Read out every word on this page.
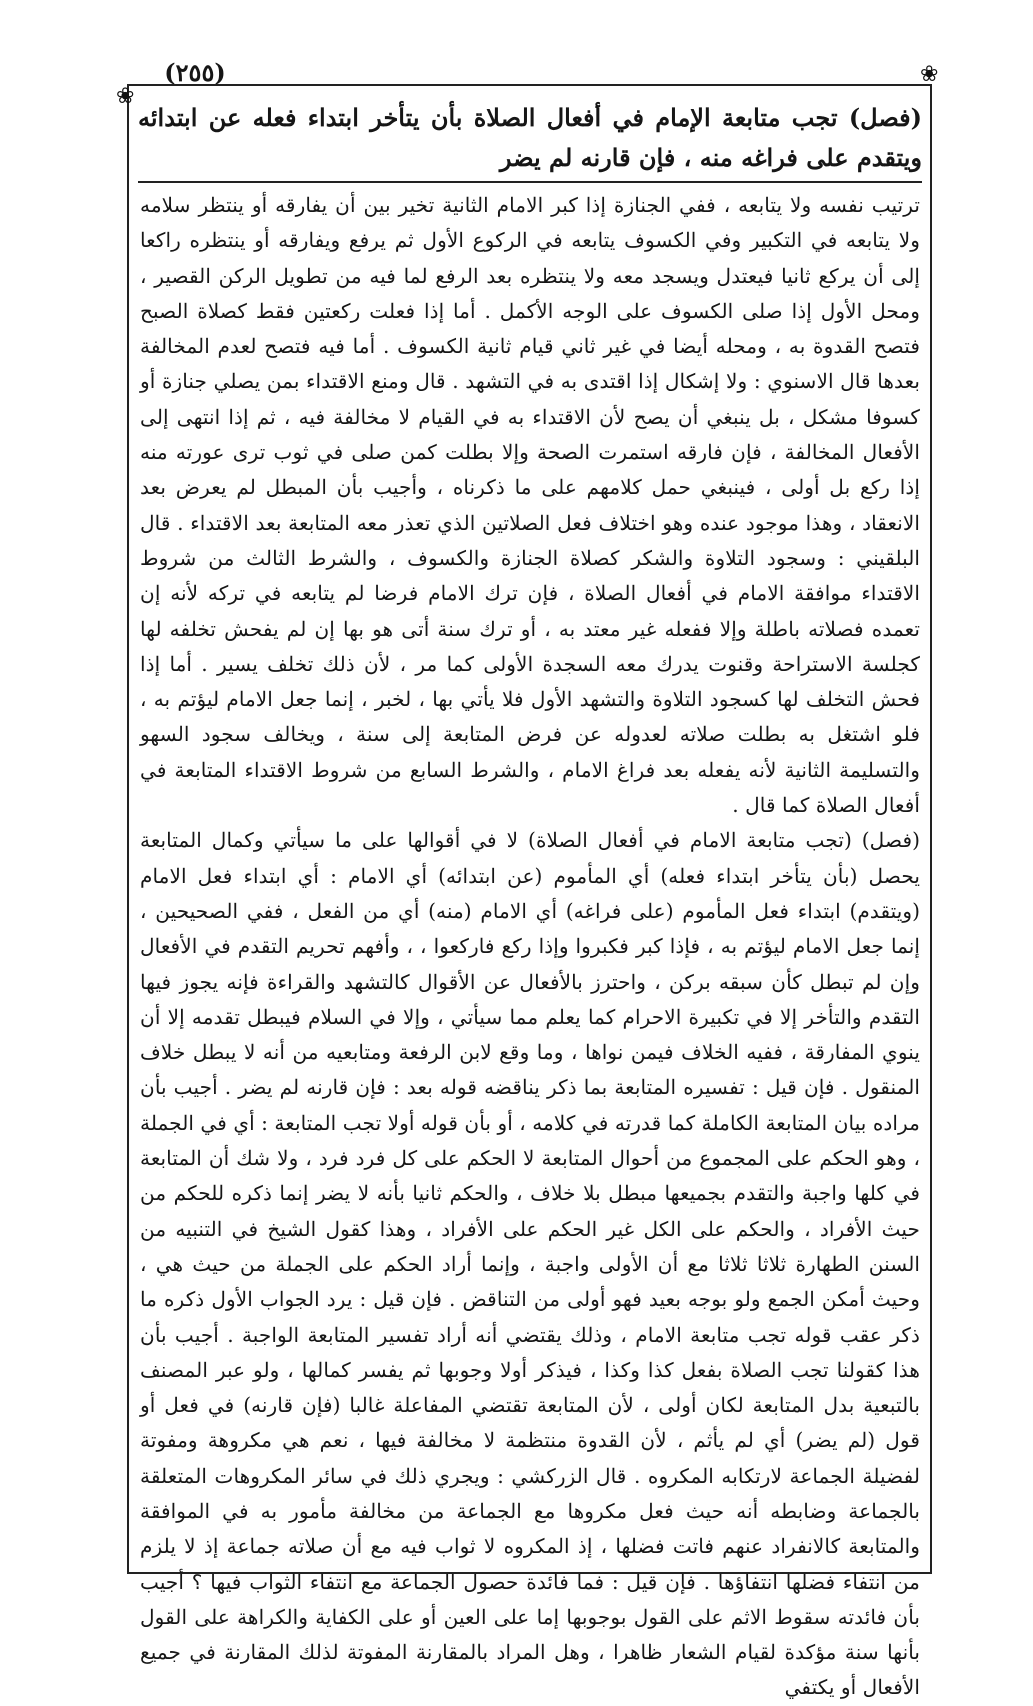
(٢٥٥)
❀
❀
(فصل) تجب متابعة الإمام في أفعال الصلاة بأن يتأخر ابتداء فعله عن ابتدائه ويتقدم على فراغه منه ، فإن قارنه لم يضر

ترتيب نفسه ولا يتابعه ، ففي الجنازة إذا كبر الامام الثانية تخير بين أن يفارقه أو ينتظر سلامه ولا يتابعه في التكبير وفي الكسوف يتابعه في الركوع الأول ثم يرفع ويفارقه أو ينتظره راكعا إلى أن يركع ثانيا فيعتدل ويسجد معه ولا ينتظره بعد الرفع لما فيه من تطويل الركن القصير ، ومحل الأول إذا صلى الكسوف على الوجه الأكمل . أما إذا فعلت ركعتين فقط كصلاة الصبح فتصح القدوة به ، ومحله أيضا في غير ثاني قيام ثانية الكسوف . أما فيه فتصح لعدم المخالفة بعدها قال الاسنوي : ولا إشكال إذا اقتدى به في التشهد . قال ومنع الاقتداء بمن يصلي جنازة أو كسوفا مشكل ، بل ينبغي أن يصح لأن الاقتداء به في القيام لا مخالفة فيه ، ثم إذا انتهى إلى الأفعال المخالفة ، فإن فارقه استمرت الصحة وإلا بطلت كمن صلى في ثوب ترى عورته منه إذا ركع بل أولى ، فينبغي حمل كلامهم على ما ذكرناه ، وأجيب بأن المبطل لم يعرض بعد الانعقاد ، وهذا موجود عنده وهو اختلاف فعل الصلاتين الذي تعذر معه المتابعة بعد الاقتداء . قال البلقيني : وسجود التلاوة والشكر كصلاة الجنازة والكسوف ، والشرط الثالث من شروط الاقتداء موافقة الامام في أفعال الصلاة ، فإن ترك الامام فرضا لم يتابعه في تركه لأنه إن تعمده فصلاته باطلة وإلا ففعله غير معتد به ، أو ترك سنة أتى هو بها إن لم يفحش تخلفه لها كجلسة الاستراحة وقنوت يدرك معه السجدة الأولى كما مر ، لأن ذلك تخلف يسير . أما إذا فحش التخلف لها كسجود التلاوة والتشهد الأول فلا يأتي بها ، لخبر ، إنما جعل الامام ليؤتم به ، فلو اشتغل به بطلت صلاته لعدوله عن فرض المتابعة إلى سنة ، ويخالف سجود السهو والتسليمة الثانية لأنه يفعله بعد فراغ الامام ، والشرط السابع من شروط الاقتداء المتابعة في أفعال الصلاة كما قال .

(فصل) (تجب متابعة الامام في أفعال الصلاة) لا في أقوالها على ما سيأتي وكمال المتابعة يحصل (بأن يتأخر ابتداء فعله) أي المأموم (عن ابتدائه) أي الامام : أي ابتداء فعل الامام (ويتقدم) ابتداء فعل المأموم (على فراغه) أي الامام (منه) أي من الفعل ، ففي الصحيحين ، إنما جعل الامام ليؤتم به ، فإذا كبر فكبروا وإذا ركع فاركعوا ، ، وأفهم تحريم التقدم في الأفعال وإن لم تبطل كأن سبقه بركن ، واحترز بالأفعال عن الأقوال كالتشهد والقراءة فإنه يجوز فيها التقدم والتأخر إلا في تكبيرة الاحرام كما يعلم مما سيأتي ، وإلا في السلام فيبطل تقدمه إلا أن ينوي المفارقة ، ففيه الخلاف فيمن نواها ، وما وقع لابن الرفعة ومتابعيه من أنه لا يبطل خلاف المنقول . فإن قيل : تفسيره المتابعة بما ذكر يناقضه قوله بعد : فإن قارنه لم يضر . أجيب بأن مراده بيان المتابعة الكاملة كما قدرته في كلامه ، أو بأن قوله أولا تجب المتابعة : أي في الجملة ، وهو الحكم على المجموع من أحوال المتابعة لا الحكم على كل فرد فرد ، ولا شك أن المتابعة في كلها واجبة والتقدم بجميعها مبطل بلا خلاف ، والحكم ثانيا بأنه لا يضر إنما ذكره للحكم من حيث الأفراد ، والحكم على الكل غير الحكم على الأفراد ، وهذا كقول الشيخ في التنبيه من السنن الطهارة ثلاثا ثلاثا مع أن الأولى واجبة ، وإنما أراد الحكم على الجملة من حيث هي ، وحيث أمكن الجمع ولو بوجه بعيد فهو أولى من التناقض . فإن قيل : يرد الجواب الأول ذكره ما ذكر عقب قوله تجب متابعة الامام ، وذلك يقتضي أنه أراد تفسير المتابعة الواجبة . أجيب بأن هذا كقولنا تجب الصلاة بفعل كذا وكذا ، فيذكر أولا وجوبها ثم يفسر كمالها ، ولو عبر المصنف بالتبعية بدل المتابعة لكان أولى ، لأن المتابعة تقتضي المفاعلة غالبا (فإن قارنه) في فعل أو قول (لم يضر) أي لم يأثم ، لأن القدوة منتظمة لا مخالفة فيها ، نعم هي مكروهة ومفوتة لفضيلة الجماعة لارتكابه المكروه . قال الزركشي : ويجري ذلك في سائر المكروهات المتعلقة بالجماعة وضابطه أنه حيث فعل مكروها مع الجماعة من مخالفة مأمور به في الموافقة والمتابعة كالانفراد عنهم فاتت فضلها ، إذ المكروه لا ثواب فيه مع أن صلاته جماعة إذ لا يلزم من انتفاء فضلها انتفاؤها . فإن قيل : فما فائدة حصول الجماعة مع انتفاء الثواب فيها ؟ أجيب بأن فائدته سقوط الاثم على القول بوجوبها إما على العين أو على الكفاية والكراهة على القول بأنها سنة مؤكدة لقيام الشعار ظاهرا ، وهل المراد بالمقارنة المفوتة لذلك المقارنة في جميع الأفعال أو يكتفي
